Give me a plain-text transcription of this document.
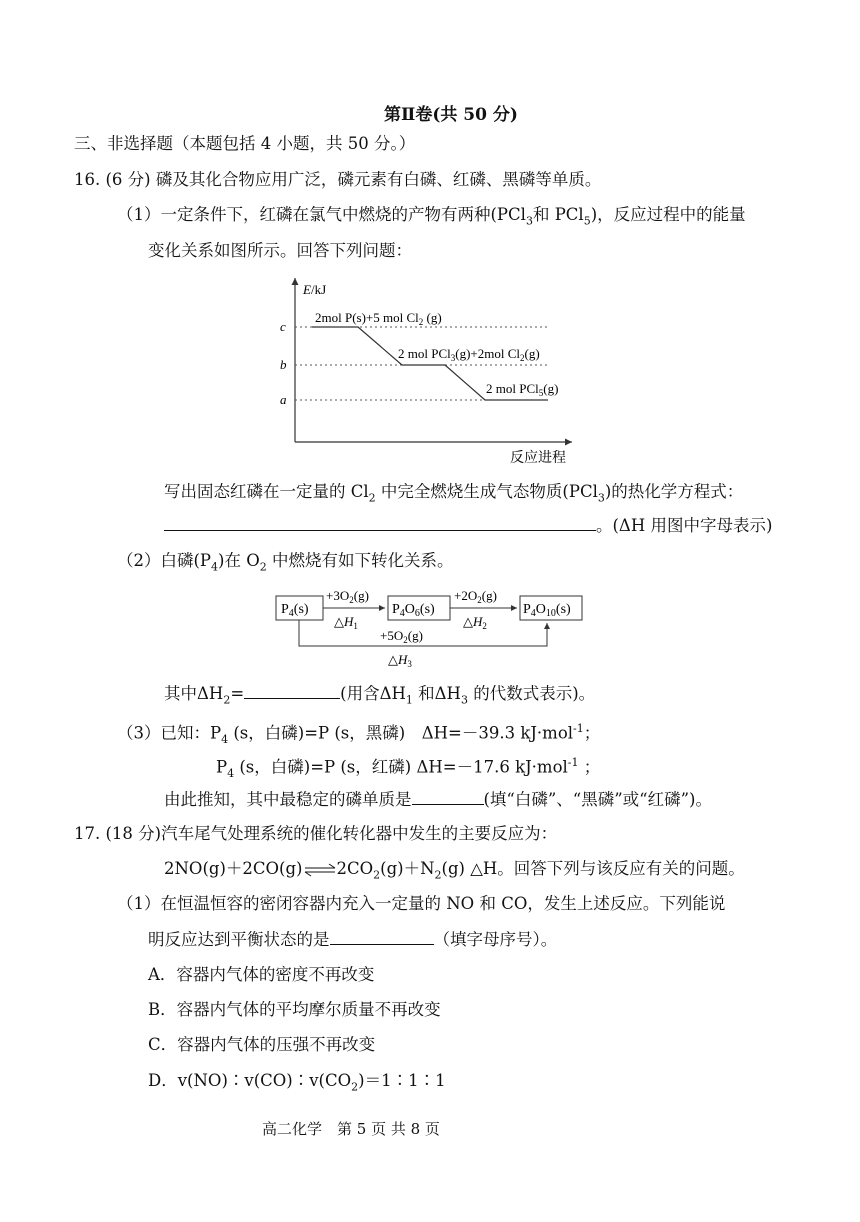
第Ⅱ卷(共 50 分)
三、非选择题（本题包括 4 小题，共 50 分。）
16. (6 分) 磷及其化合物应用广泛，磷元素有白磷、红磷、黑磷等单质。
（1）一定条件下，红磷在氯气中燃烧的产物有两种(PCl$_3$和 PCl$_5$)，反应过程中的能量
变化关系如图所示。回答下列问题：
E/kJ
c
b
a
2mol P(s)+5 mol $Cl_2$ (g)
2 mol PCl$_3$(g)+2mol $Cl_2(g)$
2 mol PCl$_5$(g)
反应进程
写出固态红磷在一定量的 $Cl_2$ 中完全燃烧生成气态物质(PCl$_3$)的热化学方程式：
。(ΔH 用图中字母表示)
（2）白磷$(P_4)$在 $O_2$ 中燃烧有如下转化关系。
$P_4(s)$	$P_4O_6(s)$	$P_4O_{10}(s)$
$+3O_2(g)$
$\triangle H_1$
$+2O_2(g)$
$\triangle H_2$
$+5O_2(g)$
$\triangle H_3$
其中$\Delta H_2=$	(用含$\Delta H_1$ 和$\Delta H_3$ 的代数式表示)。
（3）已知：$P_4$ (s，白磷)=P (s，黑磷)　ΔH=－39.3 kJ·mol$^{-1}$；
$P_4$ (s，白磷)=P (s，红磷) ΔH=－17.6 kJ·mol$^{-1}$ ；
由此推知，其中最稳定的磷单质是	(填“白磷”、“黑磷”或“红磷”)。
17. (18 分)汽车尾气处理系统的催化转化器中发生的主要反应为：
$2NO(g)+2CO(g)\rightleftharpoons 2CO_2(g)+N_2(g)$ △H。回答下列与该反应有关的问题。
（1）在恒温恒容的密闭容器内充入一定量的 NO 和 CO，发生上述反应。下列能说
明反应达到平衡状态的是	（填字母序号）。
A．容器内气体的密度不再改变
B．容器内气体的平均摩尔质量不再改变
C．容器内气体的压强不再改变
D．$v(NO)∶v(CO)∶v(CO_2)=1∶1∶1$
高二化学　第 5 页 共 8 页
